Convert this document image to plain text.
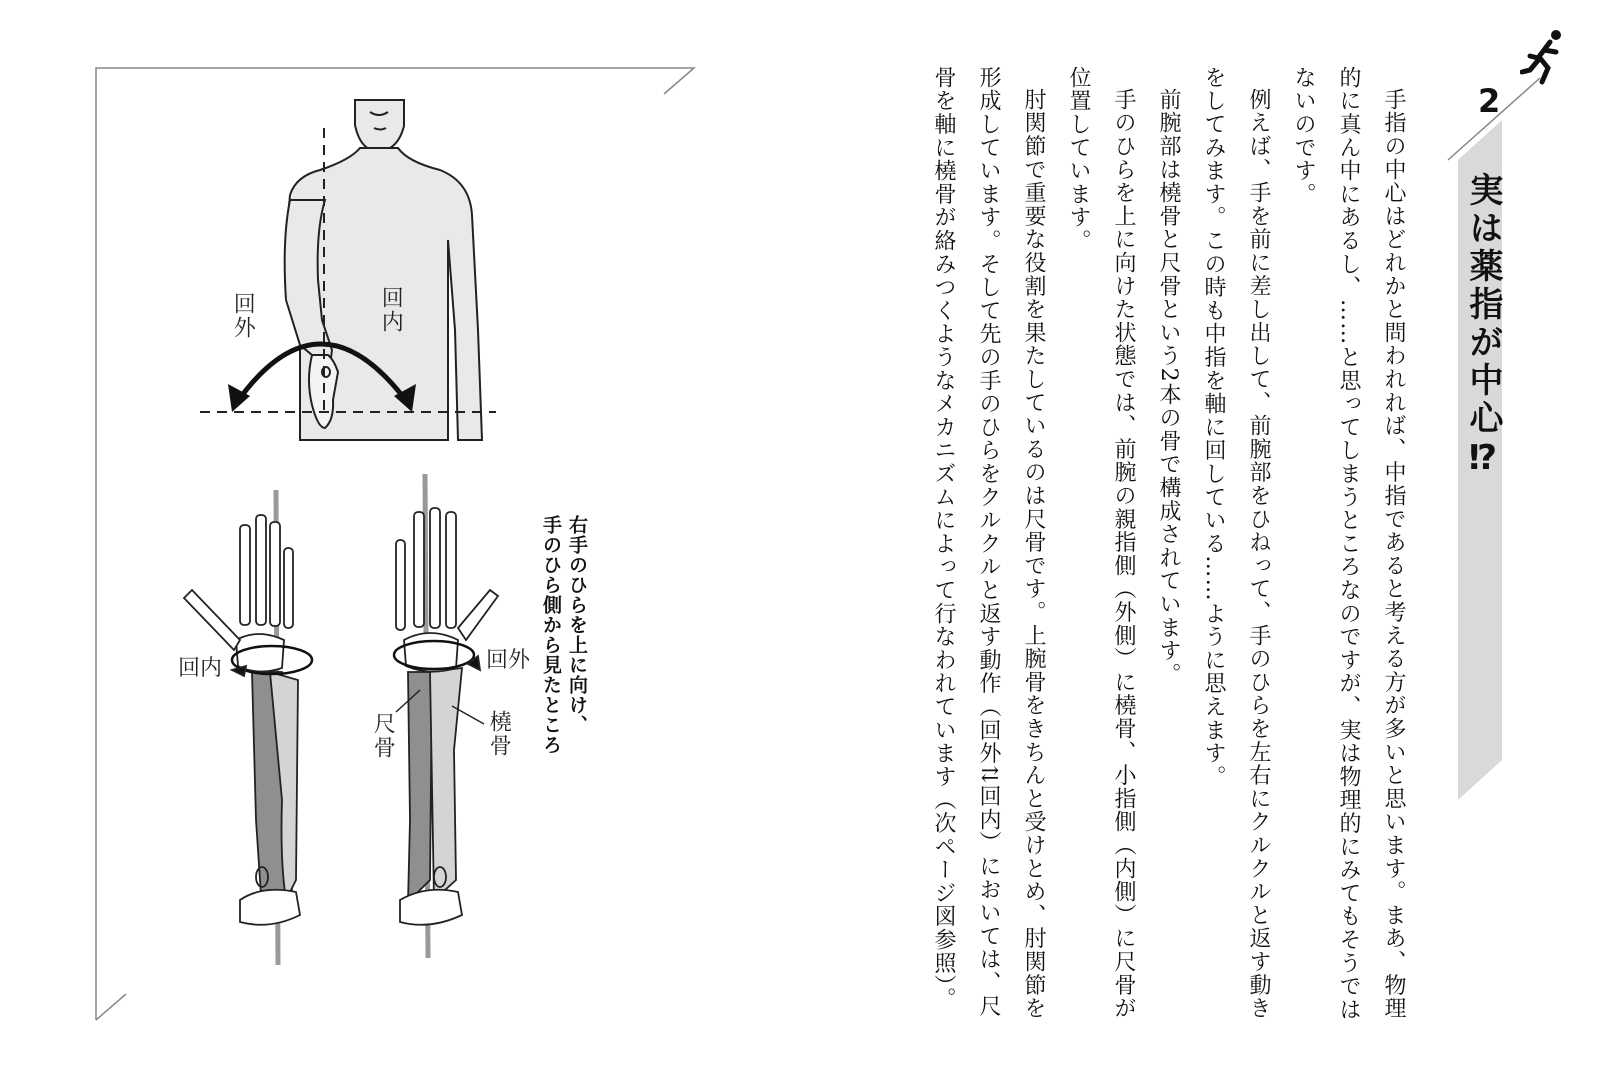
回外	回内
回内	回外
尺骨	橈骨	右手のひらを上に向け、
手のひら側から見たところ
2
実は薬指が中心⁉

手指の中心はどれかと問われれば、中指であると考える方が多いと思います。まあ、物理的に真ん中にあるし、……と思ってしまうところなのですが、実は物理的にみてもそうではないのです。

例えば、手を前に差し出して、前腕部をひねって、手のひらを左右にクルクルと返す動きをしてみます。この時も中指を軸に回している……ように思えます。

前腕部は橈骨と尺骨という2本の骨で構成されています。

手のひらを上に向けた状態では、前腕の親指側（外側）に橈骨、小指側（内側）に尺骨が位置しています。

肘関節で重要な役割を果たしているのは尺骨です。上腕骨をきちんと受けとめ、肘関節を形成しています。そして先の手のひらをクルクルと返す動作（回外⇅回内）においては、尺骨を軸に橈骨が絡みつくようなメカニズムによって行なわれています（次ページ図参照）。
